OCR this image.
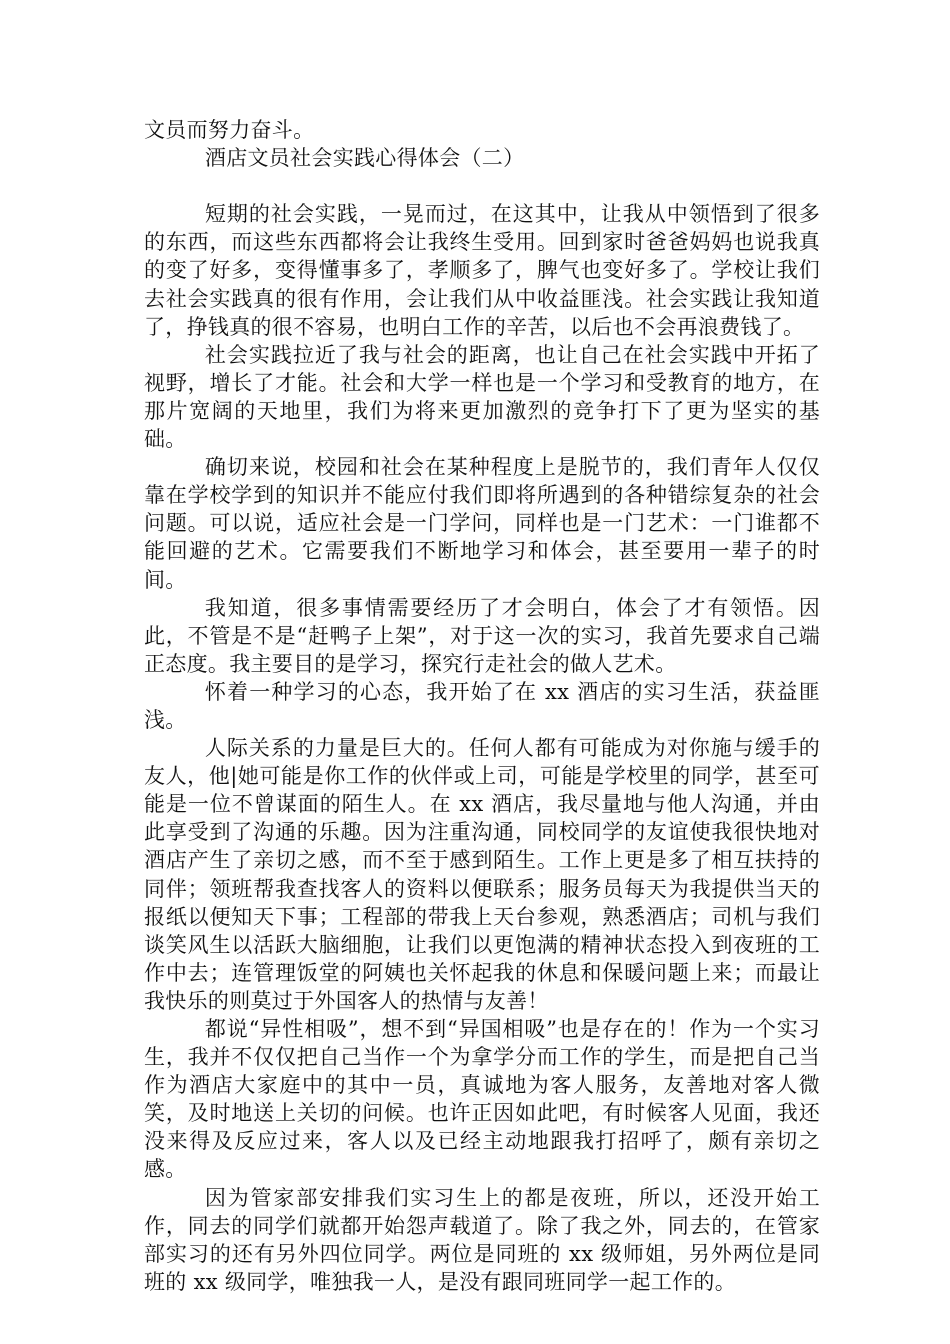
文员而努力奋斗。

酒店文员社会实践心得体会（二）

短期的社会实践，一晃而过，在这其中，让我从中领悟到了很多的东西，而这些东西都将会让我终生受用。回到家时爸爸妈妈也说我真的变了好多，变得懂事多了，孝顺多了，脾气也变好多了。学校让我们去社会实践真的很有作用，会让我们从中收益匪浅。社会实践让我知道了，挣钱真的很不容易，也明白工作的辛苦，以后也不会再浪费钱了。

社会实践拉近了我与社会的距离，也让自己在社会实践中开拓了视野，增长了才能。社会和大学一样也是一个学习和受教育的地方，在那片宽阔的天地里，我们为将来更加激烈的竞争打下了更为坚实的基础。

确切来说，校园和社会在某种程度上是脱节的，我们青年人仅仅靠在学校学到的知识并不能应付我们即将所遇到的各种错综复杂的社会问题。可以说，适应社会是一门学问，同样也是一门艺术：一门谁都不能回避的艺术。它需要我们不断地学习和体会，甚至要用一辈子的时间。

我知道，很多事情需要经历了才会明白，体会了才有领悟。因此，不管是不是“赶鸭子上架”，对于这一次的实习，我首先要求自己端正态度。我主要目的是学习，探究行走社会的做人艺术。

怀着一种学习的心态，我开始了在 xx 酒店的实习生活，获益匪浅。

人际关系的力量是巨大的。任何人都有可能成为对你施与缓手的友人，他|她可能是你工作的伙伴或上司，可能是学校里的同学，甚至可能是一位不曾谋面的陌生人。在 xx 酒店，我尽量地与他人沟通，并由此享受到了沟通的乐趣。因为注重沟通，同校同学的友谊使我很快地对酒店产生了亲切之感，而不至于感到陌生。工作上更是多了相互扶持的同伴；领班帮我查找客人的资料以便联系；服务员每天为我提供当天的报纸以便知天下事；工程部的带我上天台参观，熟悉酒店；司机与我们谈笑风生以活跃大脑细胞，让我们以更饱满的精神状态投入到夜班的工作中去；连管理饭堂的阿姨也关怀起我的休息和保暖问题上来；而最让我快乐的则莫过于外国客人的热情与友善！

都说“异性相吸”，想不到“异国相吸”也是存在的！作为一个实习生，我并不仅仅把自己当作一个为拿学分而工作的学生，而是把自己当作为酒店大家庭中的其中一员，真诚地为客人服务，友善地对客人微笑，及时地送上关切的问候。也许正因如此吧，有时候客人见面，我还没来得及反应过来，客人以及已经主动地跟我打招呼了，颇有亲切之感。

因为管家部安排我们实习生上的都是夜班，所以，还没开始工作，同去的同学们就都开始怨声载道了。除了我之外，同去的，在管家部实习的还有另外四位同学。两位是同班的 xx 级师姐，另外两位是同班的 xx 级同学，唯独我一人，是没有跟同班同学一起工作的。
